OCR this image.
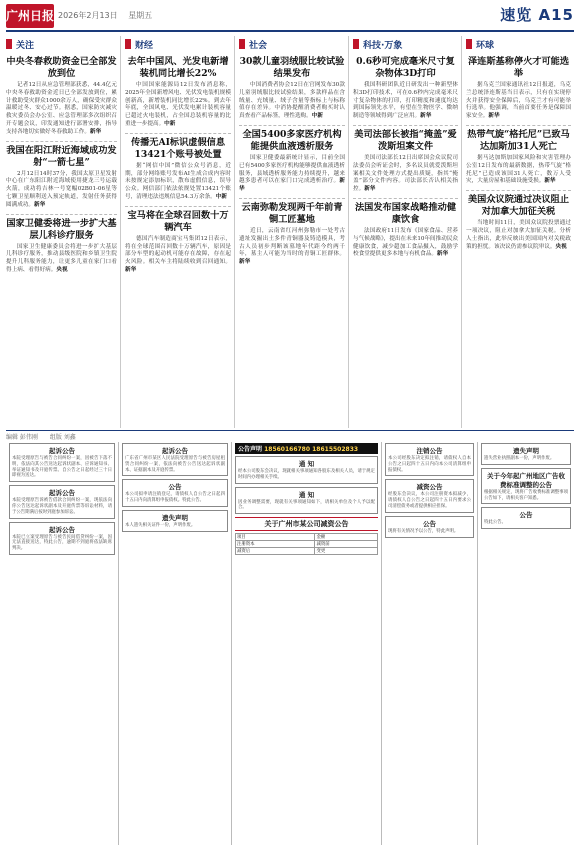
广州日报 2026年2月13日 星期五	速览 A15
关注
中央冬春救助资金已全部发放到位
记者12日从应急管理部获悉，44.4亿元中央冬春救助资金近日已全部发放到位，累计救助受灾群众1000余万人，确保受灾群众温暖过冬、安心过节。据悉，国家防灾减灾救灾委员会办公室、应急管理部多次组织召开专题会议，印发通知进行部署安排，指导支持各地切实做好冬春救助工作。新华
我国在阳江附近海域成功发射“一箭七星”
2月12日14时37分，我国太原卫星发射中心在广东阳江附近海域使用捷龙三号运载火箭，成功将吉林一号宽幅02B01-06星等七颗卫星顺利送入预定轨道，发射任务获得圆满成功。新华
国家卫健委将进一步扩大基层儿科诊疗服务
国家卫生健康委员会将进一步扩大基层儿科诊疗服务，推动县级医院和乡镇卫生院提升儿科服务能力，让更多儿童在家门口看得上病、看得好病。央视
财经
去年中国风、光发电新增装机同比增长22%
中国国家能源局12日发布消息称，2025年全国新增风电、光伏发电装机规模创新高，新增装机同比增长22%。到去年年底，全国风电、光伏发电累计装机容量已超过火电装机，占全国总装机容量的比重进一步提高。中新
传播无AI标识虚假信息13421个账号被处置
据“网信中国”微信公众号消息，近期，部分网络账号发布AI生成合成内容时未按规定添加标识，散布虚假信息，误导公众。网信部门依法依规处置13421个账号，清理违法违规信息54.3万余条。中新
宝马将在全球召回数十万辆汽车
德国汽车制造商宝马集团12日表示，将在全球范围召回数十万辆汽车，原因是部分车型的起动机可能存在故障，存在起火风险。相关车主将陆续收到召回通知。新华
社会
30款儿童羽绒服比较试验结果发布
中国消费者协会12日在官网发布30款儿童羽绒服比较试验结果，多款样品在含绒量、充绒量、绒子含量等指标上与标称值存在差异。中消协提醒消费者购买时认真查看产品标签，理性选购。中新
全国5400多家医疗机构能提供血液透析服务
国家卫健委最新统计显示，目前全国已有5400多家医疗机构能够提供血液透析服务，县域透析服务能力持续提升，越来越多患者可以在家门口完成透析治疗。新华
云南弥勒发现两千年前青铜工匠墓地
近日，云南省红河州弥勒市一处考古遗址发掘出土多件青铜器及铸造模具，考古人员初步判断该墓地年代距今约两千年，墓主人可能为当时的青铜工匠群体。新华
科技·万象
0.6秒可完成毫米尺寸复杂物体3D打印
我国科研团队近日研发出一种新型体积3D打印技术，可在0.6秒内完成毫米尺寸复杂物体的打印，打印精度和速度均达到国际领先水平，有望在生物医学、微纳制造等领域得到广泛应用。新华
美司法部长被指“掩盖”爱泼斯坦案文件
美国司法部长12日出席国会众议院司法委员会听证会时，多名议员就爱泼斯坦案相关文件处理方式提出质疑，指其“掩盖”部分文件内容。司法部长否认相关指控。新华
法国发布国家战略推动健康饮食
法国政府11日发布《国家食品、营养与气候战略》，提出在未来10年间推动民众健康饮食，减少超加工食品摄入，鼓励学校食堂提供更多本地与有机食品。新华
环球
泽连斯基称停火才可能选举
据乌克兰国家通讯社12日报道，乌克兰总统泽连斯基当日表示，只有在实现停火并获得安全保障后，乌克兰才有可能举行选举。他强调，当前首要任务是保障国家安全。新华
热带气旋“格托尼”已致马达加斯加31人死亡
据马达加斯加国家风险和灾害管理办公室12日发布的最新数据，热带气旋“格托尼”已造成该国31人死亡，数万人受灾，大量房屋和基础设施受损。新华
美国众议院通过决议阻止对加拿大加征关税
当地时间11日，美国众议院投票通过一项决议，阻止对加拿大加征关税。分析人士指出，此举反映出美国国内对关税政策的担忧。该决议仍需参议院审议。央视
编辑 彭伟刚 组版 刘鑫
起诉公告
本院受理原告与被告合同纠纷一案，因被告下落不明，依法向其公告送达起诉状副本、应诉通知书、举证通知书及开庭传票。自公告之日起经过三十日即视为送达。
起诉公告
本院受理原告诉被告借款合同纠纷一案，现依法向你公告送达起诉状副本及开庭传票等诉讼材料，请于公告期满后按时到庭参加诉讼。
起诉公告
本院已立案受理原告与被告民间借贷纠纷一案，因无法直接送达，特此公告，逾期不到庭将依法缺席判决。
起诉公告
广东省广州市某区人民法院受理原告与被告房屋租赁合同纠纷一案，依法向被告公告送达起诉状副本、证据副本及开庭传票。
公告
本公司拟申请注销登记，请债权人自公告之日起四十五日内向清算组申报债权。特此公告。
遗失声明
本人遗失相关证件一份，声明作废。
公告声明 18560166780 18615502833
通 知
经本公司股东会决议，现就相关事项通知各股东及相关人员，请于规定时间内办理相关手续。
通 知
因业务调整需要，现就有关事项通知如下，请相关单位及个人予以配合。
关于广州市某公司减资公告
项目	金额
注册资本	减资前
减资后	变更
注销公告
本公司经股东决定拟注销，请债权人自本公告之日起四十五日内向本公司清算组申报债权。
减资公告
经股东会决议，本公司注册资本拟减少，请债权人自公告之日起四十五日内要求公司清偿债务或者提供相应担保。
公告
现将有关情况予以公告，特此声明。
遗失声明
遗失营业执照副本一份，声明作废。
关于今年起广州地区广告收费标准调整的公告
根据相关规定，现将广告收费标准调整事项公告如下，请相关客户知悉。
公告
特此公告。
